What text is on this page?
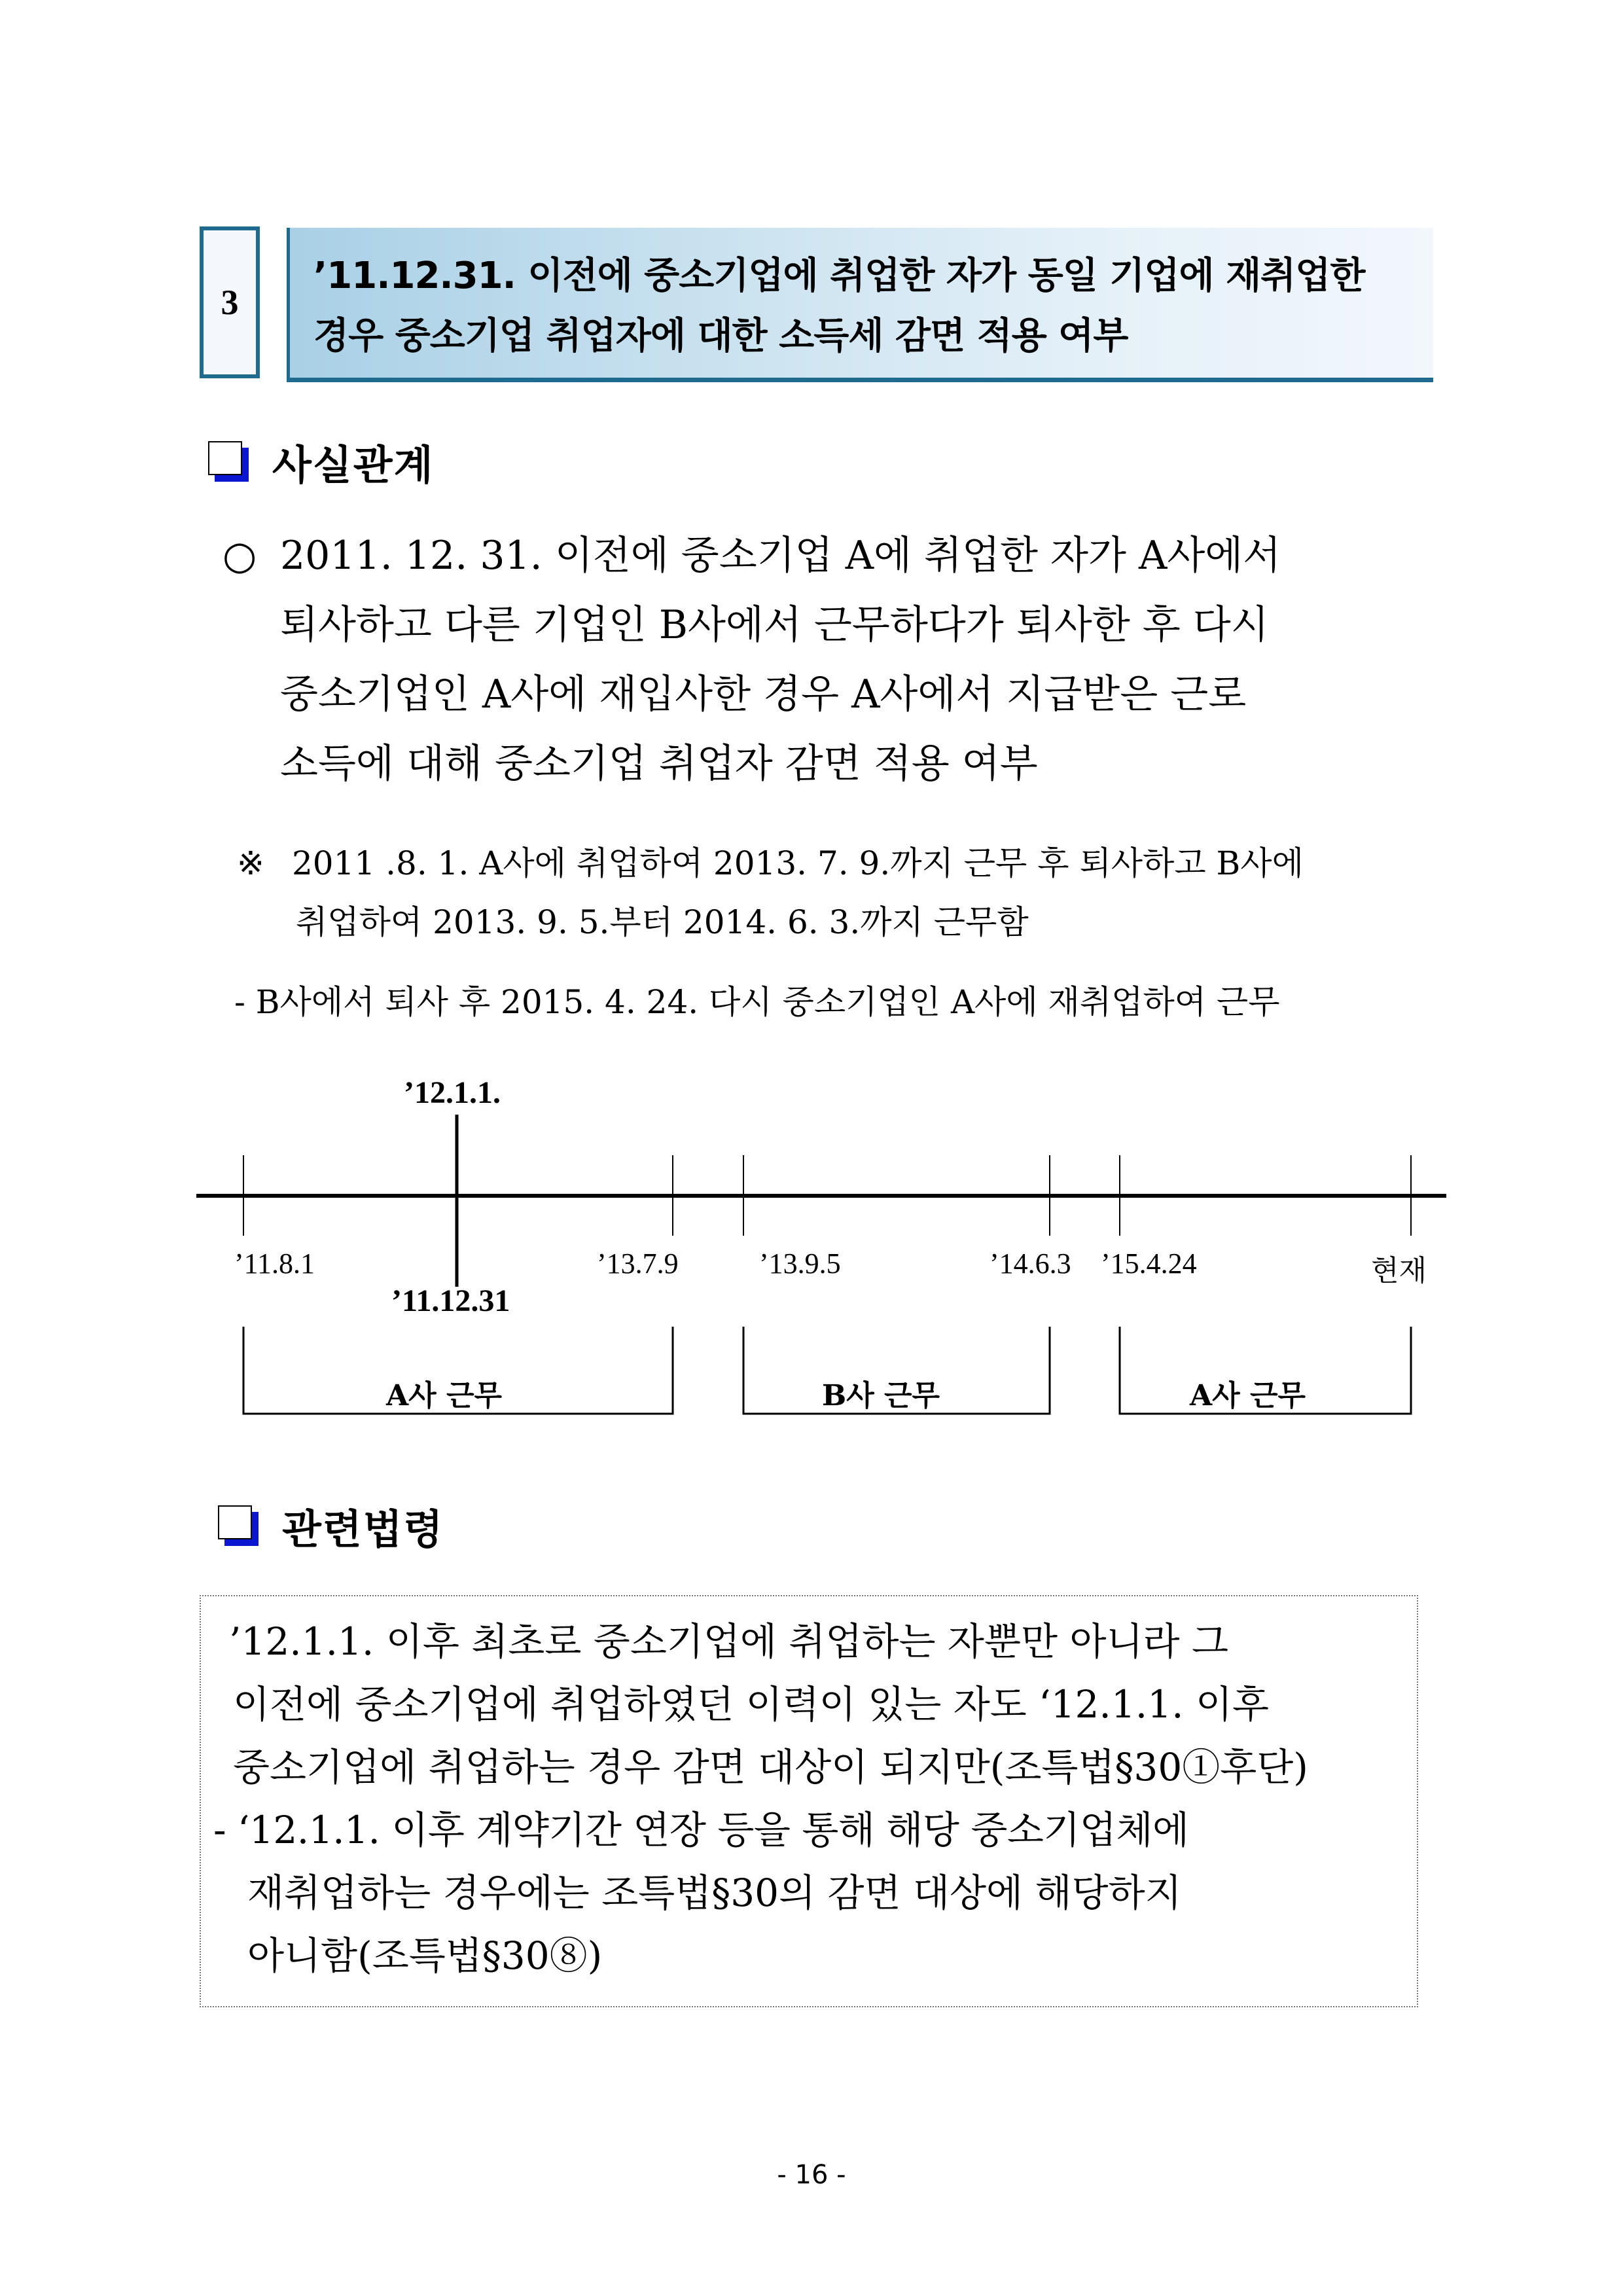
3
’11.12.31. 이전에 중소기업에 취업한 자가 동일 기업에 재취업한
경우 중소기업 취업자에 대한 소득세 감면 적용 여부
사실관계
○ 2011. 12. 31. 이전에 중소기업 A에 취업한 자가 A사에서
퇴사하고 다른 기업인 B사에서 근무하다가 퇴사한 후 다시
중소기업인 A사에 재입사한 경우 A사에서 지급받은 근로
소득에 대해 중소기업 취업자 감면 적용 여부
※ 2011 .8. 1. A사에 취업하여 2013. 7. 9.까지 근무 후 퇴사하고 B사에
취업하여 2013. 9. 5.부터 2014. 6. 3.까지 근무함
- B사에서 퇴사 후 2015. 4. 24. 다시 중소기업인 A사에 재취업하여 근무
’12.1.1.
’11.12.31
’11.8.1	’13.7.9	’13.9.5	’14.6.3 ’15.4.24	현재
A사 근무	B사 근무	A사 근무
관련법령
’12.1.1. 이후 최초로 중소기업에 취업하는 자뿐만 아니라 그
이전에 중소기업에 취업하였던 이력이 있는 자도 ‘12.1.1. 이후
중소기업에 취업하는 경우 감면 대상이 되지만(조특법§30①후단)
- ‘12.1.1. 이후 계약기간 연장 등을 통해 해당 중소기업체에
재취업하는 경우에는 조특법§30의 감면 대상에 해당하지
아니함(조특법§30⑧)
- 16 -
